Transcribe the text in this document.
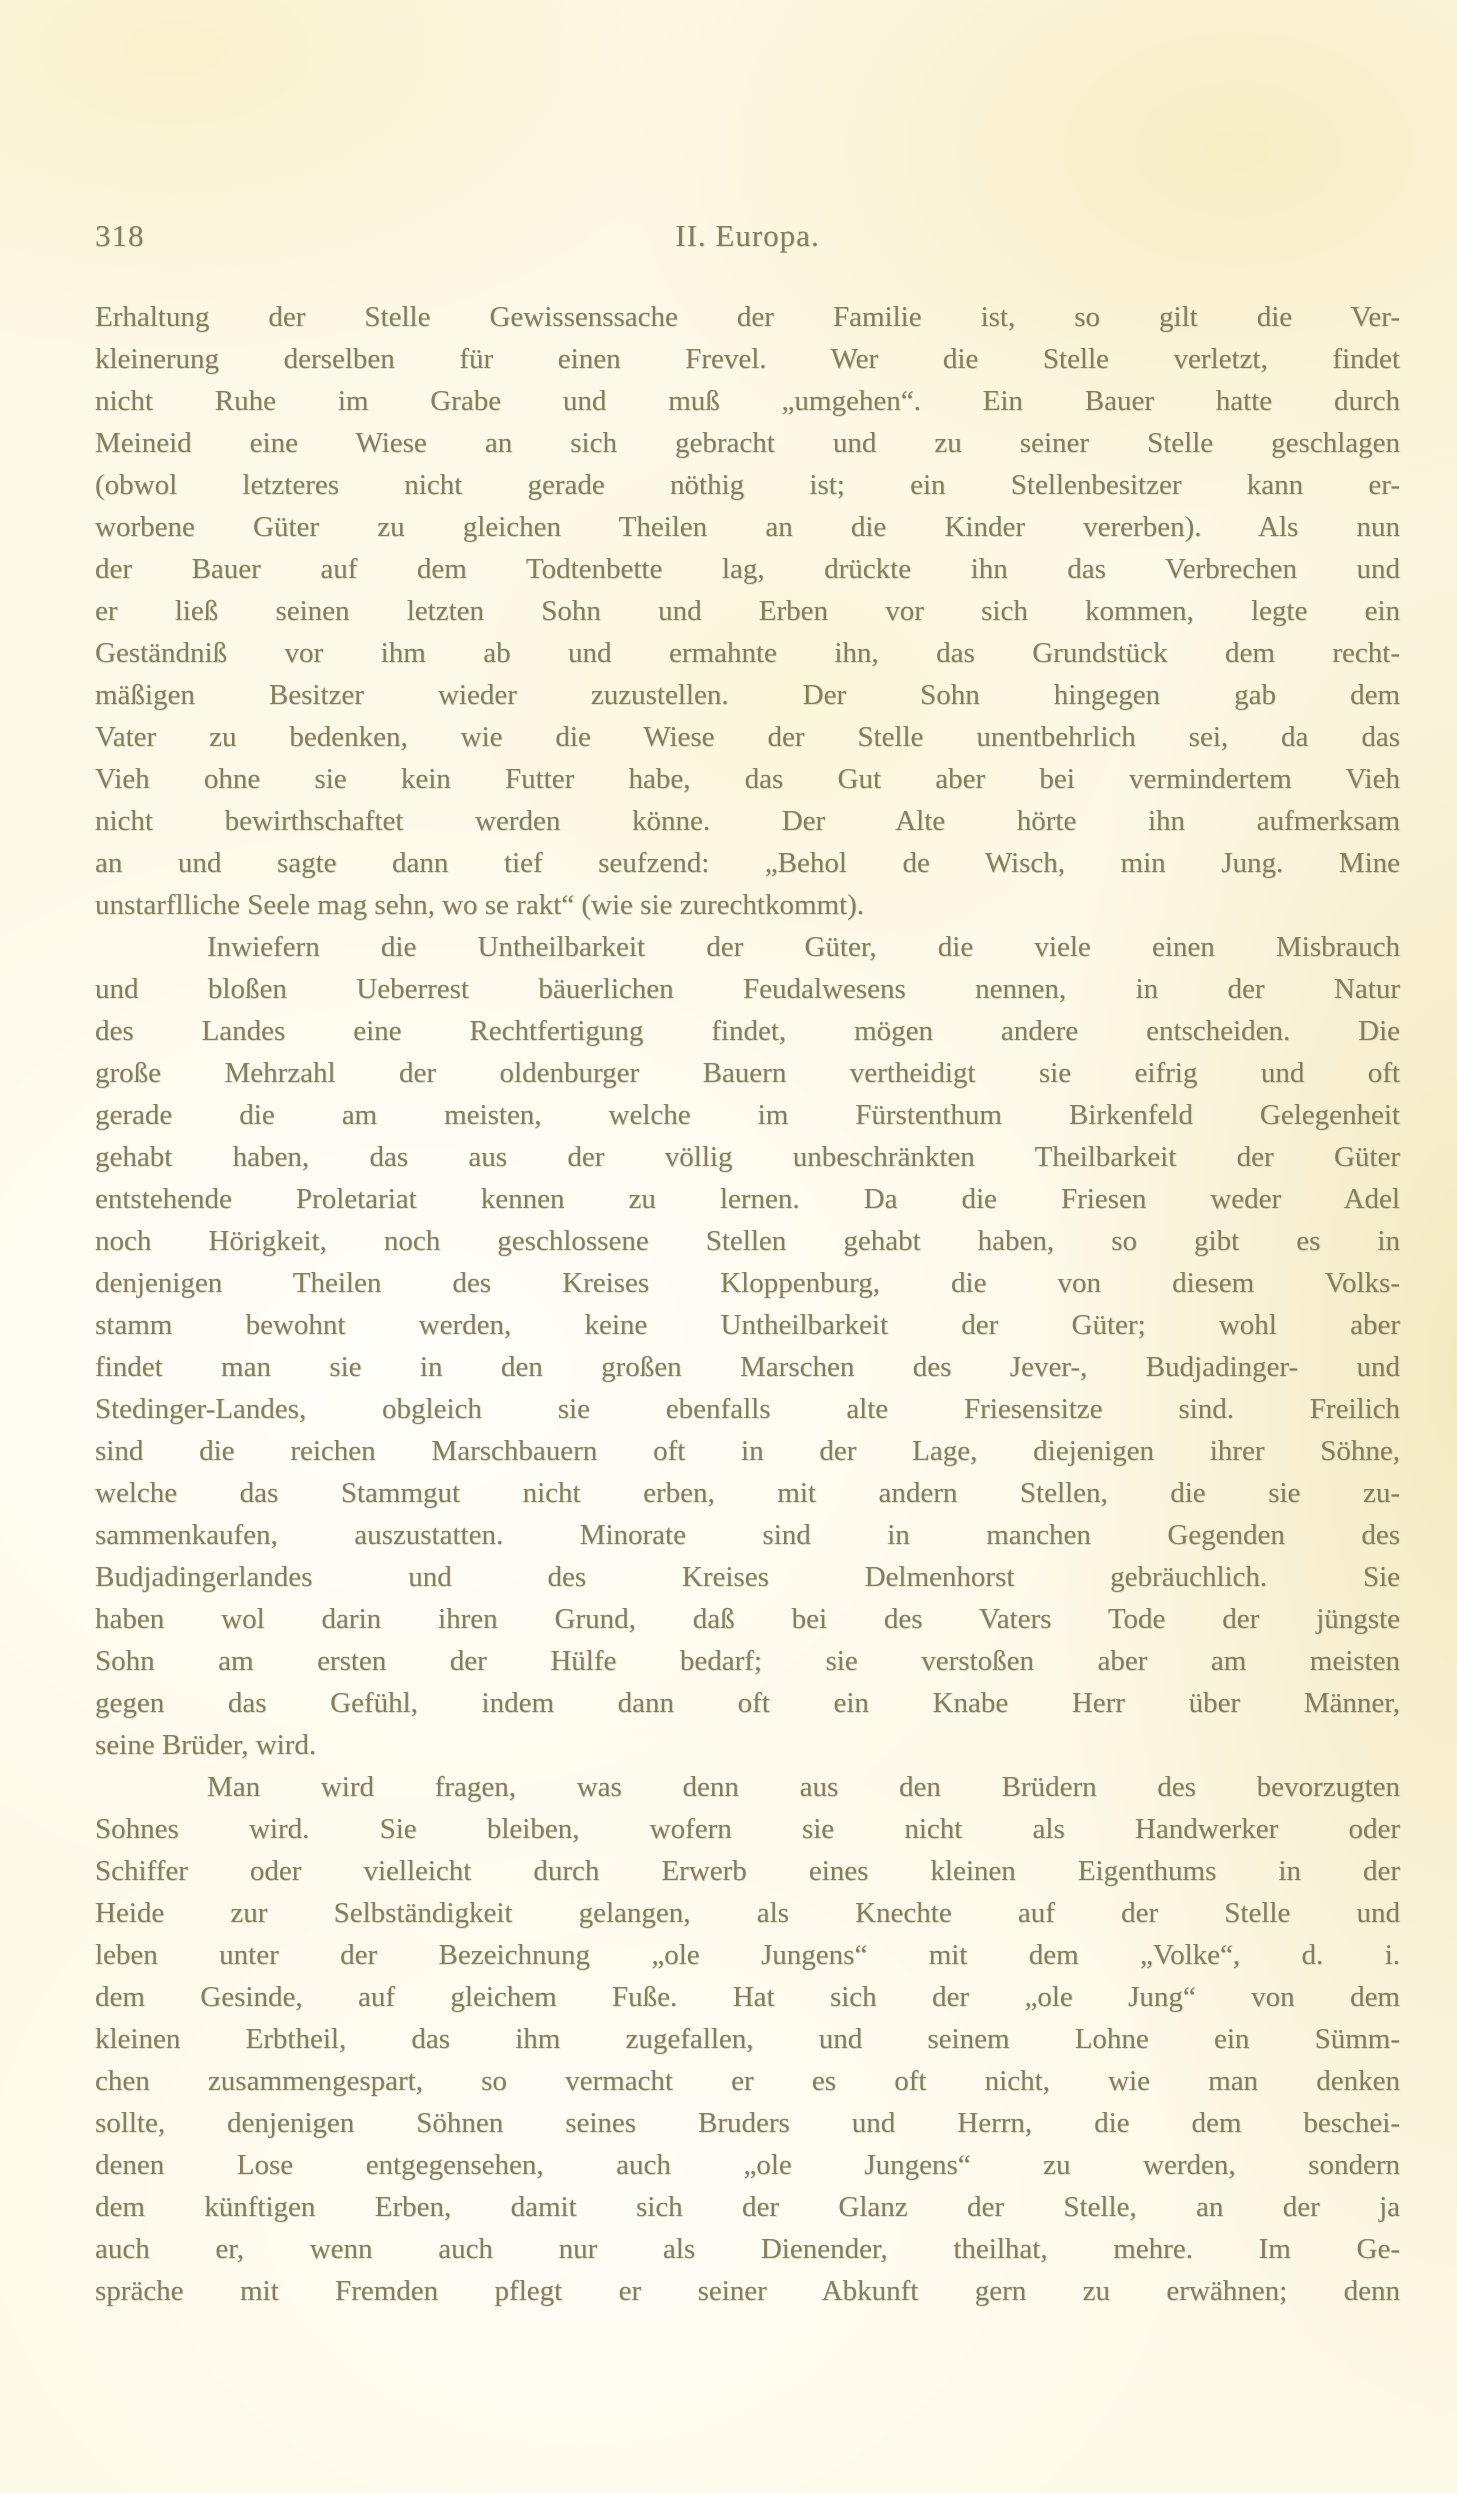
318	II. Europa.
Erhaltung der Stelle Gewissenssache der Familie ist, so gilt die Ver-
kleinerung derselben für einen Frevel. Wer die Stelle verletzt, findet
nicht Ruhe im Grabe und muß „umgehen“. Ein Bauer hatte durch
Meineid eine Wiese an sich gebracht und zu seiner Stelle geschlagen
(obwol letzteres nicht gerade nöthig ist; ein Stellenbesitzer kann er-
worbene Güter zu gleichen Theilen an die Kinder vererben). Als nun
der Bauer auf dem Todtenbette lag, drückte ihn das Verbrechen und
er ließ seinen letzten Sohn und Erben vor sich kommen, legte ein
Geständniß vor ihm ab und ermahnte ihn, das Grundstück dem recht-
mäßigen Besitzer wieder zuzustellen. Der Sohn hingegen gab dem
Vater zu bedenken, wie die Wiese der Stelle unentbehrlich sei, da das
Vieh ohne sie kein Futter habe, das Gut aber bei vermindertem Vieh
nicht bewirthschaftet werden könne. Der Alte hörte ihn aufmerksam
an und sagte dann tief seufzend: „Behol de Wisch, min Jung. Mine
unstarflliche Seele mag sehn, wo se rakt“ (wie sie zurechtkommt).
Inwiefern die Untheilbarkeit der Güter, die viele einen Misbrauch
und bloßen Ueberrest bäuerlichen Feudalwesens nennen, in der Natur
des Landes eine Rechtfertigung findet, mögen andere entscheiden. Die
große Mehrzahl der oldenburger Bauern vertheidigt sie eifrig und oft
gerade die am meisten, welche im Fürstenthum Birkenfeld Gelegenheit
gehabt haben, das aus der völlig unbeschränkten Theilbarkeit der Güter
entstehende Proletariat kennen zu lernen. Da die Friesen weder Adel
noch Hörigkeit, noch geschlossene Stellen gehabt haben, so gibt es in
denjenigen Theilen des Kreises Kloppenburg, die von diesem Volks-
stamm bewohnt werden, keine Untheilbarkeit der Güter; wohl aber
findet man sie in den großen Marschen des Jever-, Budjadinger- und
Stedinger-Landes, obgleich sie ebenfalls alte Friesensitze sind. Freilich
sind die reichen Marschbauern oft in der Lage, diejenigen ihrer Söhne,
welche das Stammgut nicht erben, mit andern Stellen, die sie zu-
sammenkaufen, auszustatten. Minorate sind in manchen Gegenden des
Budjadingerlandes und des Kreises Delmenhorst gebräuchlich. Sie
haben wol darin ihren Grund, daß bei des Vaters Tode der jüngste
Sohn am ersten der Hülfe bedarf; sie verstoßen aber am meisten
gegen das Gefühl, indem dann oft ein Knabe Herr über Männer,
seine Brüder, wird.
Man wird fragen, was denn aus den Brüdern des bevorzugten
Sohnes wird. Sie bleiben, wofern sie nicht als Handwerker oder
Schiffer oder vielleicht durch Erwerb eines kleinen Eigenthums in der
Heide zur Selbständigkeit gelangen, als Knechte auf der Stelle und
leben unter der Bezeichnung „ole Jungens“ mit dem „Volke“, d. i.
dem Gesinde, auf gleichem Fuße. Hat sich der „ole Jung“ von dem
kleinen Erbtheil, das ihm zugefallen, und seinem Lohne ein Sümm-
chen zusammengespart, so vermacht er es oft nicht, wie man denken
sollte, denjenigen Söhnen seines Bruders und Herrn, die dem beschei-
denen Lose entgegensehen, auch „ole Jungens“ zu werden, sondern
dem künftigen Erben, damit sich der Glanz der Stelle, an der ja
auch er, wenn auch nur als Dienender, theilhat, mehre. Im Ge-
spräche mit Fremden pflegt er seiner Abkunft gern zu erwähnen; denn
